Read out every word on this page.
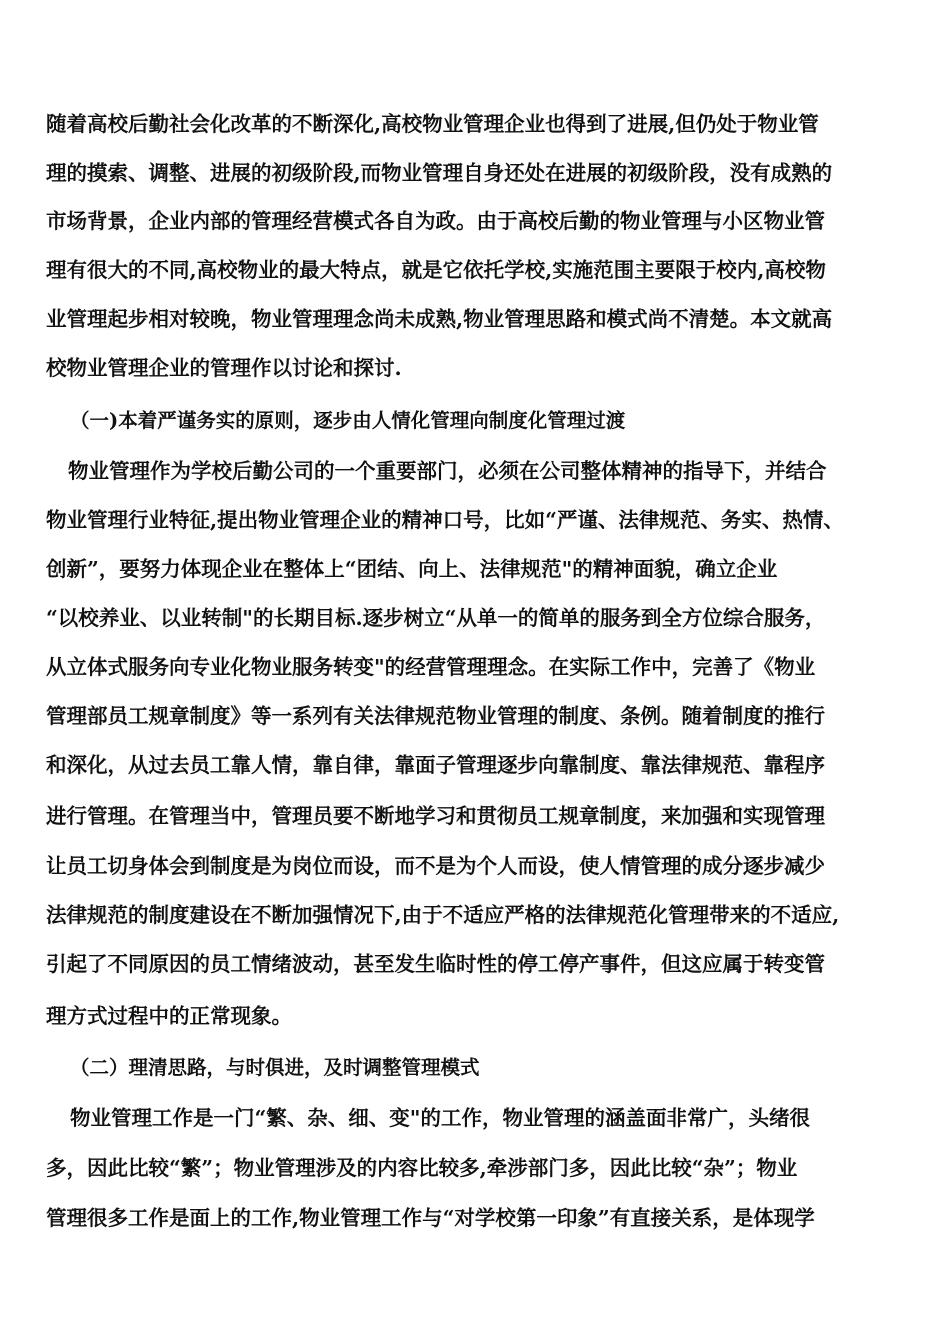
随着高校后勤社会化改革的不断深化,高校物业管理企业也得到了进展,但仍处于物业管
理的摸索、调整、进展的初级阶段,而物业管理自身还处在进展的初级阶段，没有成熟的
市场背景，企业内部的管理经营模式各自为政。由于高校后勤的物业管理与小区物业管
理有很大的不同,高校物业的最大特点，就是它依托学校,实施范围主要限于校内,高校物
业管理起步相对较晚，物业管理理念尚未成熟,物业管理思路和模式尚不清楚。本文就高
校物业管理企业的管理作以讨论和探讨.
（一)本着严谨务实的原则，逐步由人情化管理向制度化管理过渡
物业管理作为学校后勤公司的一个重要部门，必须在公司整体精神的指导下，并结合
物业管理行业特征,提出物业管理企业的精神口号，比如“严谨、法律规范、务实、热情、
创新”，要努力体现企业在整体上“团结、向上、法律规范"的精神面貌，确立企业
“以校养业、以业转制"的长期目标.逐步树立“从单一的简单的服务到全方位综合服务，
从立体式服务向专业化物业服务转变"的经营管理理念。在实际工作中，完善了《物业
管理部员工规章制度》等一系列有关法律规范物业管理的制度、条例。随着制度的推行
和深化，从过去员工靠人情，靠自律，靠面子管理逐步向靠制度、靠法律规范、靠程序
进行管理。在管理当中，管理员要不断地学习和贯彻员工规章制度，来加强和实现管理
让员工切身体会到制度是为岗位而设，而不是为个人而设，使人情管理的成分逐步减少
法律规范的制度建设在不断加强情况下,由于不适应严格的法律规范化管理带来的不适应,
引起了不同原因的员工情绪波动，甚至发生临时性的停工停产事件，但这应属于转变管
理方式过程中的正常现象。
（二）理清思路，与时俱进，及时调整管理模式
物业管理工作是一门“繁、杂、细、变"的工作，物业管理的涵盖面非常广，头绪很
多，因此比较“繁”；物业管理涉及的内容比较多,牵涉部门多，因此比较“杂”；物业
管理很多工作是面上的工作,物业管理工作与“对学校第一印象”有直接关系，是体现学
